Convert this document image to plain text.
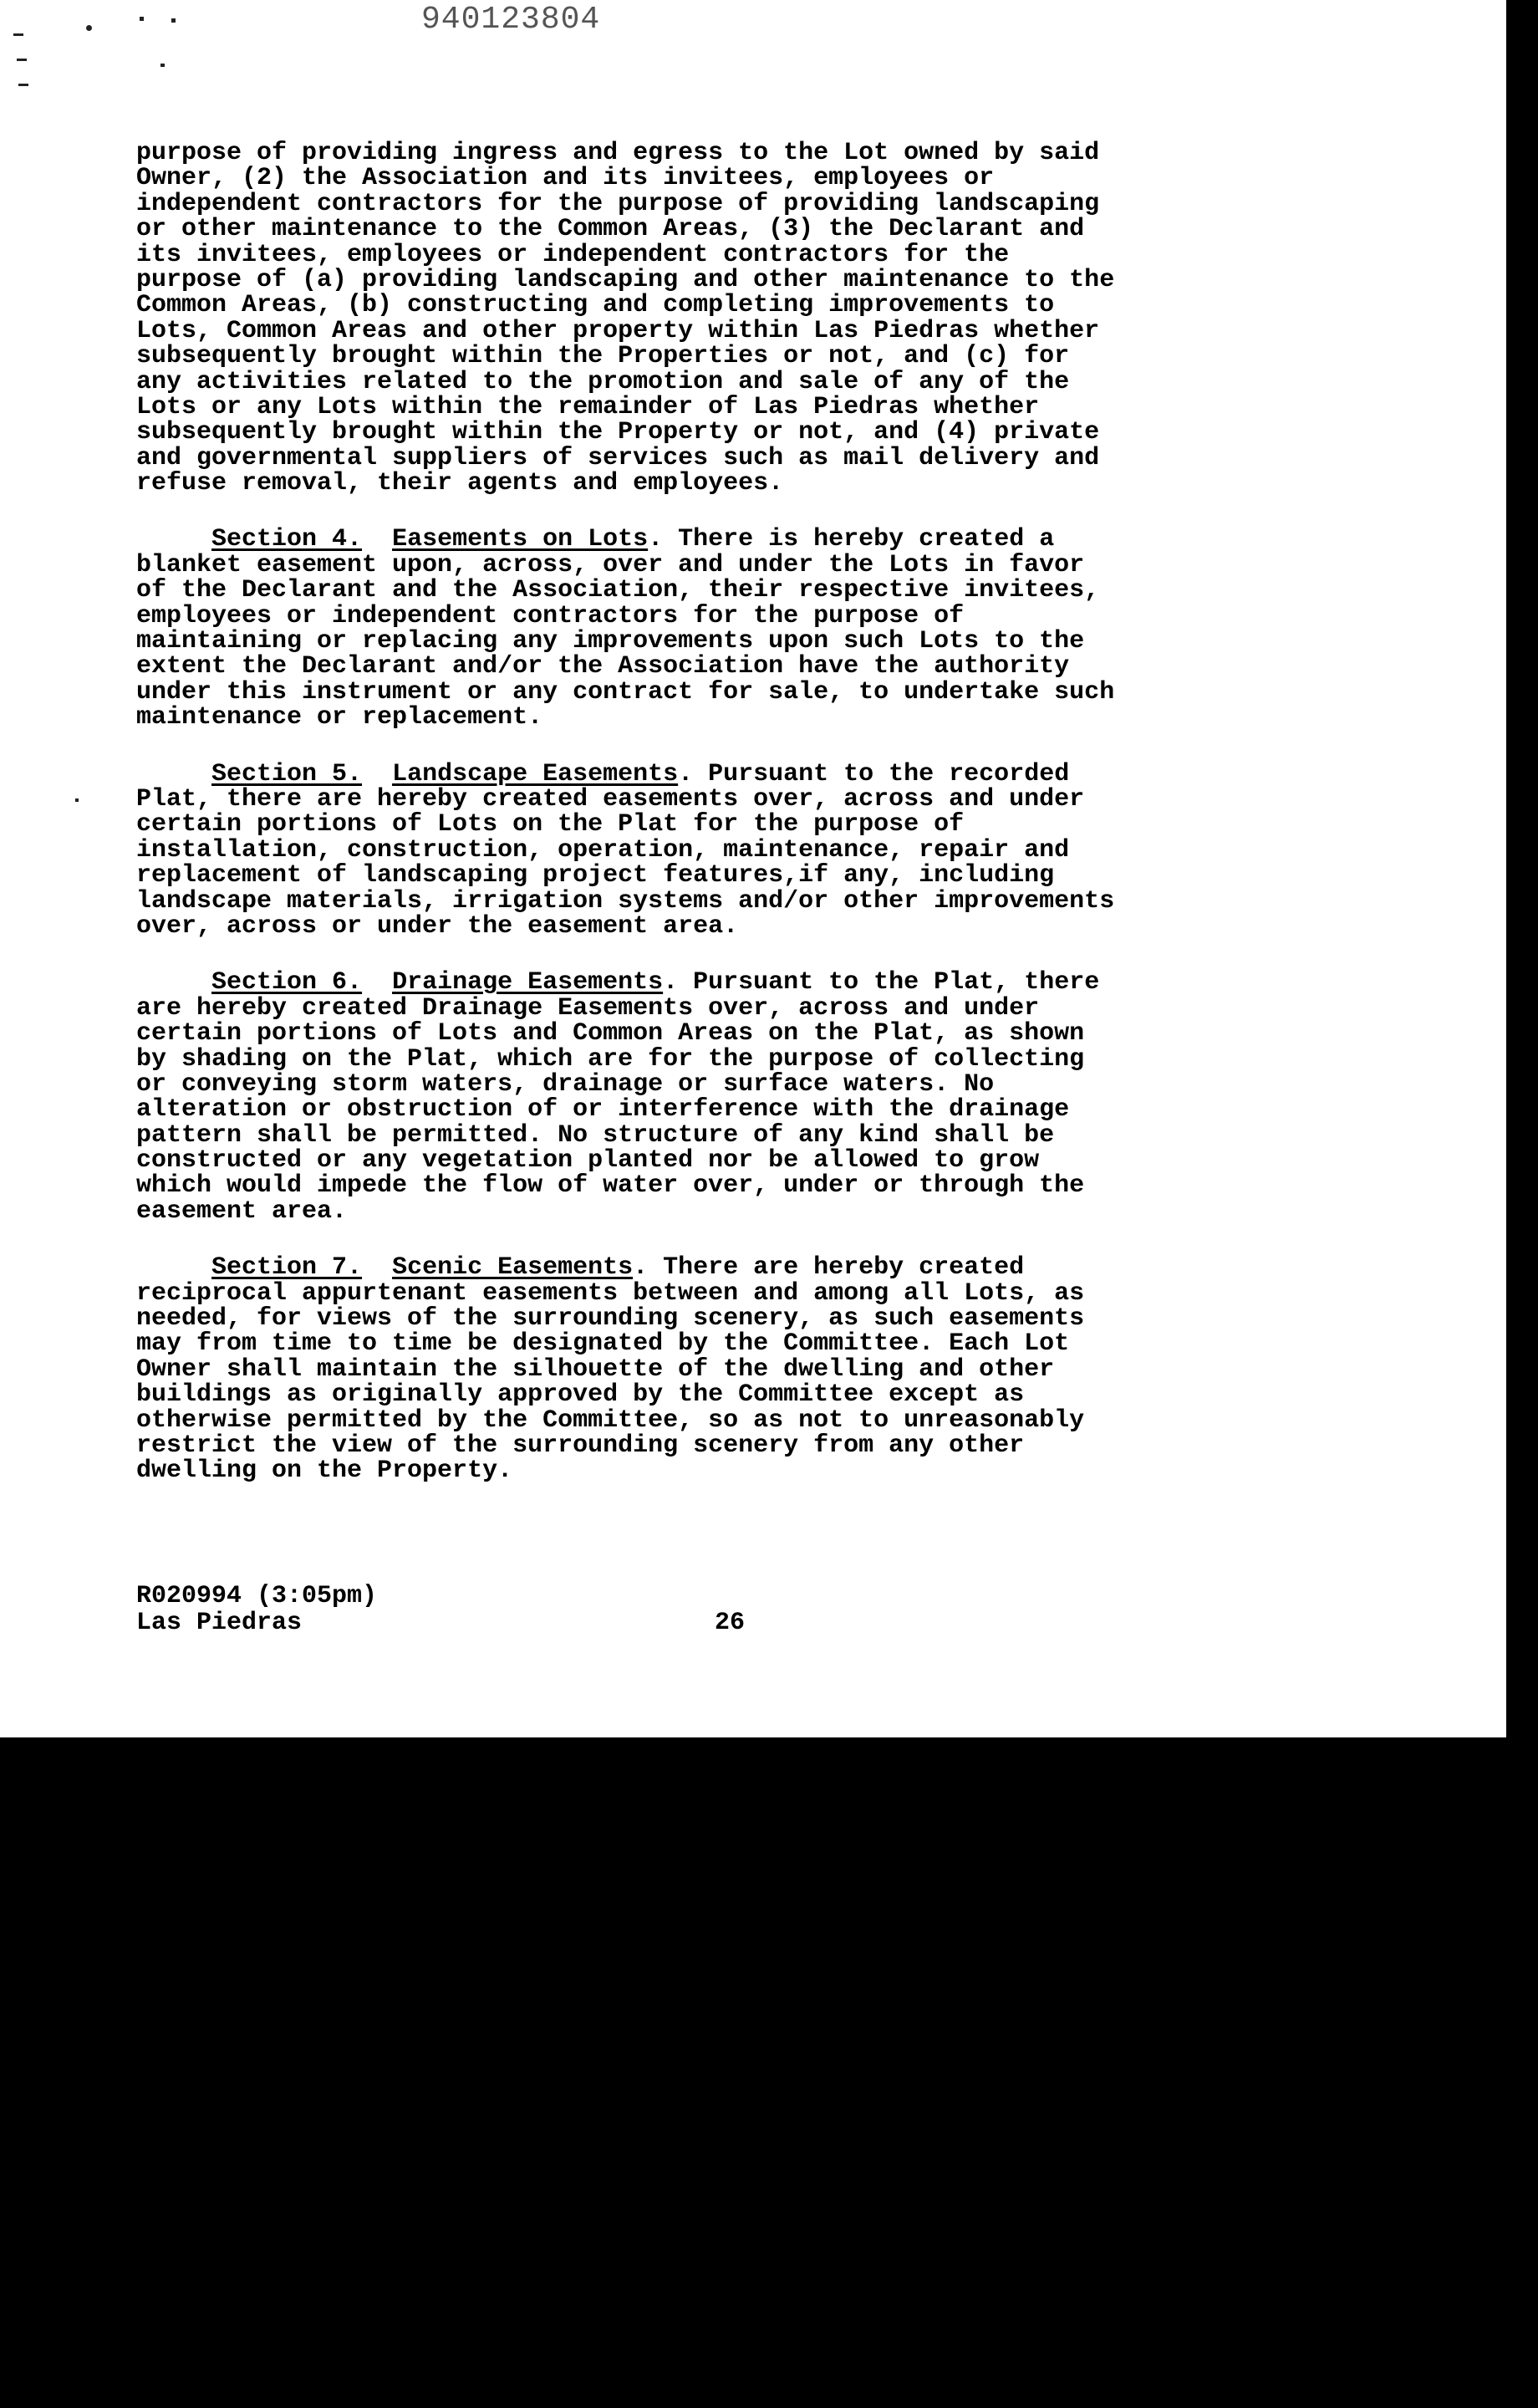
940123804
purpose of providing ingress and egress to the Lot owned by said
Owner, (2) the Association and its invitees, employees or
independent contractors for the purpose of providing landscaping
or other maintenance to the Common Areas, (3) the Declarant and
its invitees, employees or independent contractors for the
purpose of (a) providing landscaping and other maintenance to the
Common Areas, (b) constructing and completing improvements to
Lots, Common Areas and other property within Las Piedras whether
subsequently brought within the Properties or not, and (c) for
any activities related to the promotion and sale of any of the
Lots or any Lots within the remainder of Las Piedras whether
subsequently brought within the Property or not, and (4) private
and governmental suppliers of services such as mail delivery and
refuse removal, their agents and employees.
Section 4. Easements on Lots. There is hereby created a
blanket easement upon, across, over and under the Lots in favor
of the Declarant and the Association, their respective invitees,
employees or independent contractors for the purpose of
maintaining or replacing any improvements upon such Lots to the
extent the Declarant and/or the Association have the authority
under this instrument or any contract for sale, to undertake such
maintenance or replacement.
Section 5. Landscape Easements. Pursuant to the recorded
Plat, there are hereby created easements over, across and under
certain portions of Lots on the Plat for the purpose of
installation, construction, operation, maintenance, repair and
replacement of landscaping project features,if any, including
landscape materials, irrigation systems and/or other improvements
over, across or under the easement area.
Section 6. Drainage Easements. Pursuant to the Plat, there
are hereby created Drainage Easements over, across and under
certain portions of Lots and Common Areas on the Plat, as shown
by shading on the Plat, which are for the purpose of collecting
or conveying storm waters, drainage or surface waters. No
alteration or obstruction of or interference with the drainage
pattern shall be permitted. No structure of any kind shall be
constructed or any vegetation planted nor be allowed to grow
which would impede the flow of water over, under or through the
easement area.
Section 7. Scenic Easements. There are hereby created
reciprocal appurtenant easements between and among all Lots, as
needed, for views of the surrounding scenery, as such easements
may from time to time be designated by the Committee. Each Lot
Owner shall maintain the silhouette of the dwelling and other
buildings as originally approved by the Committee except as
otherwise permitted by the Committee, so as not to unreasonably
restrict the view of the surrounding scenery from any other
dwelling on the Property.
R020994 (3:05pm)
Las Piedras	26
